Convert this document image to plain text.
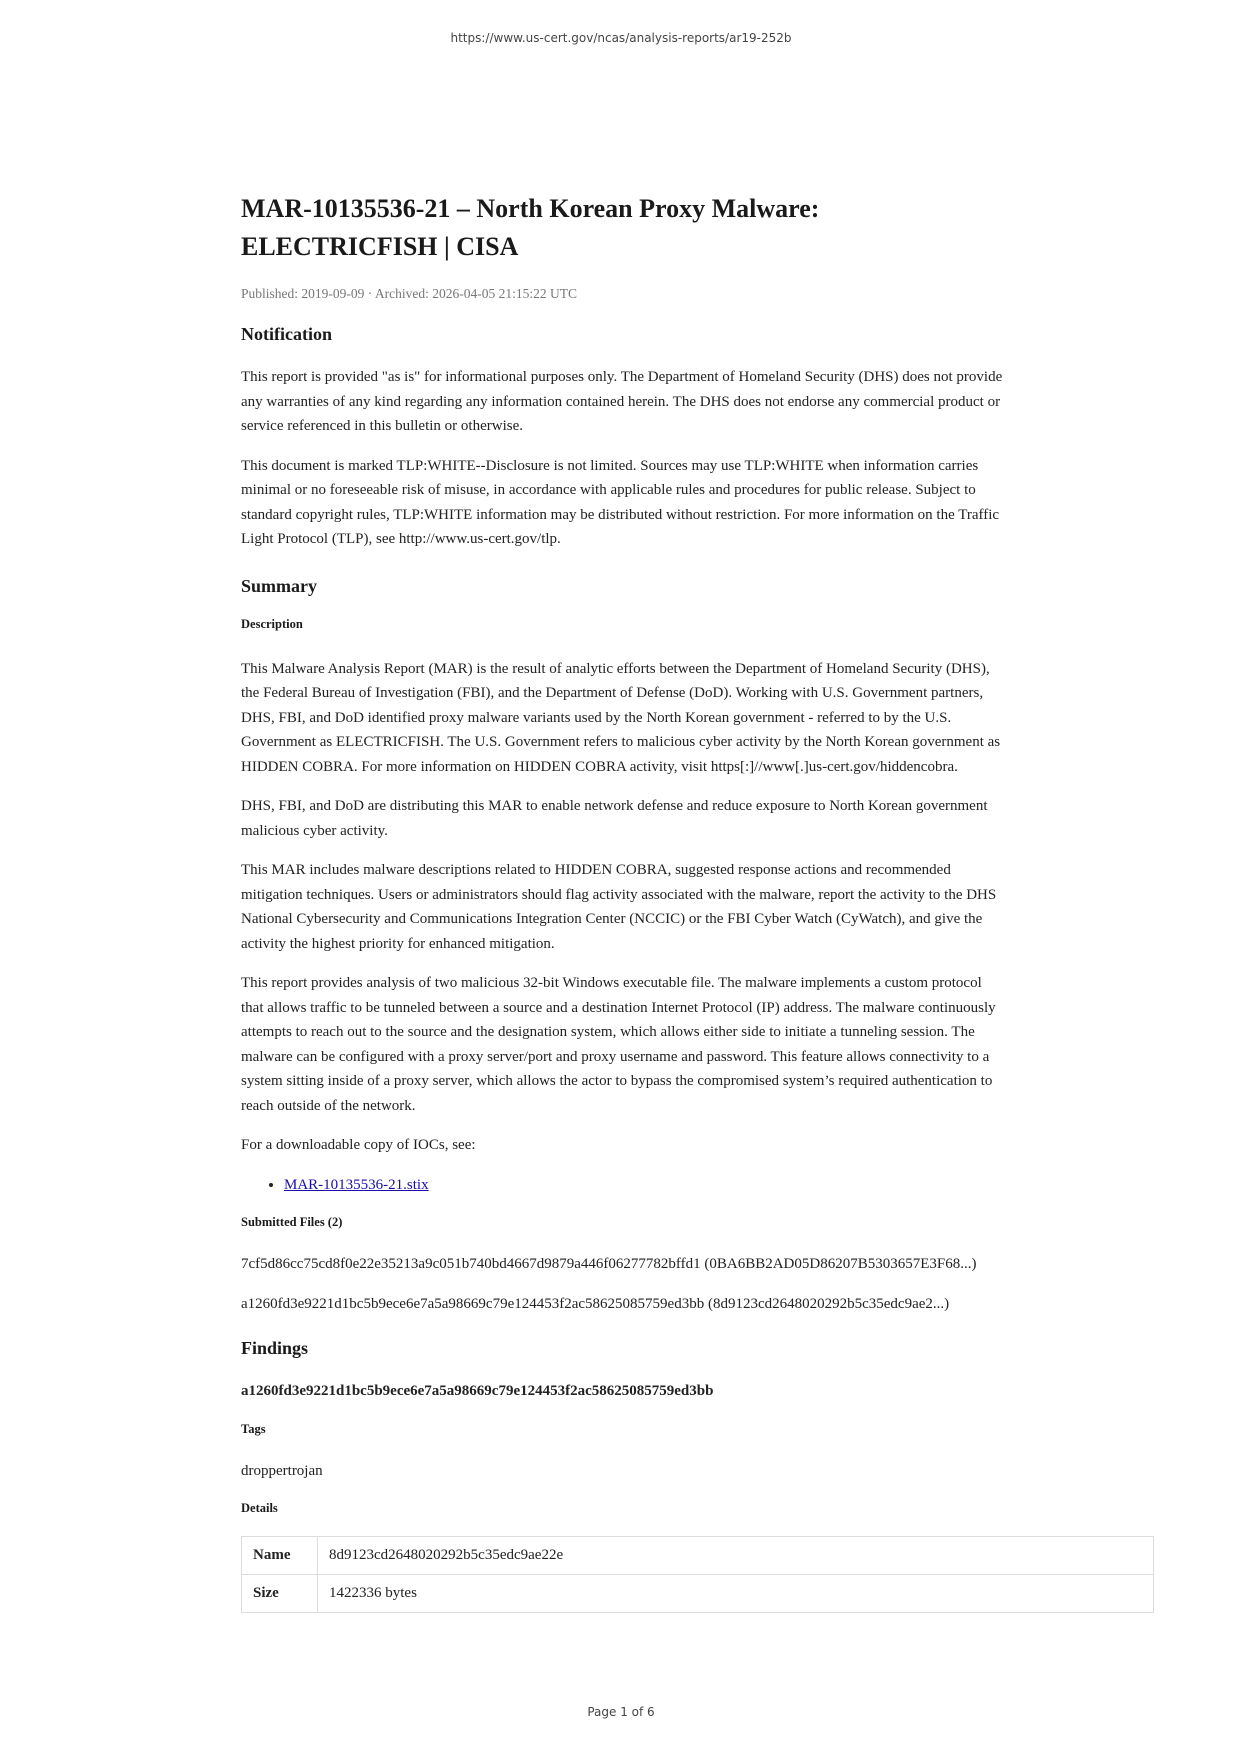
https://www.us-cert.gov/ncas/analysis-reports/ar19-252b
MAR-10135536-21 – North Korean Proxy Malware: ELECTRICFISH | CISA
Published: 2019-09-09 · Archived: 2026-04-05 21:15:22 UTC
Notification

This report is provided "as is" for informational purposes only. The Department of Homeland Security (DHS) does not provide any warranties of any kind regarding any information contained herein. The DHS does not endorse any commercial product or service referenced in this bulletin or otherwise.

This document is marked TLP:WHITE--Disclosure is not limited. Sources may use TLP:WHITE when information carries minimal or no foreseeable risk of misuse, in accordance with applicable rules and procedures for public release. Subject to standard copyright rules, TLP:WHITE information may be distributed without restriction. For more information on the Traffic Light Protocol (TLP), see http://www.us-cert.gov/tlp.

Summary
Description

This Malware Analysis Report (MAR) is the result of analytic efforts between the Department of Homeland Security (DHS), the Federal Bureau of Investigation (FBI), and the Department of Defense (DoD). Working with U.S. Government partners, DHS, FBI, and DoD identified proxy malware variants used by the North Korean government - referred to by the U.S. Government as ELECTRICFISH. The U.S. Government refers to malicious cyber activity by the North Korean government as HIDDEN COBRA. For more information on HIDDEN COBRA activity, visit https[:]//www[.]us-cert.gov/hiddencobra.

DHS, FBI, and DoD are distributing this MAR to enable network defense and reduce exposure to North Korean government malicious cyber activity.

This MAR includes malware descriptions related to HIDDEN COBRA, suggested response actions and recommended mitigation techniques. Users or administrators should flag activity associated with the malware, report the activity to the DHS National Cybersecurity and Communications Integration Center (NCCIC) or the FBI Cyber Watch (CyWatch), and give the activity the highest priority for enhanced mitigation.

This report provides analysis of two malicious 32-bit Windows executable file. The malware implements a custom protocol that allows traffic to be tunneled between a source and a destination Internet Protocol (IP) address. The malware continuously attempts to reach out to the source and the designation system, which allows either side to initiate a tunneling session. The malware can be configured with a proxy server/port and proxy username and password. This feature allows connectivity to a system sitting inside of a proxy server, which allows the actor to bypass the compromised system’s required authentication to reach outside of the network.

For a downloadable copy of IOCs, see:

• MAR-10135536-21.stix
Submitted Files (2)
7cf5d86cc75cd8f0e22e35213a9c051b740bd4667d9879a446f06277782bffd1 (0BA6BB2AD05D86207B5303657E3F68...)
a1260fd3e9221d1bc5b9ece6e7a5a98669c79e124453f2ac58625085759ed3bb (8d9123cd2648020292b5c35edc9ae2...)
Findings
a1260fd3e9221d1bc5b9ece6e7a5a98669c79e124453f2ac58625085759ed3bb
Tags

droppertrojan

Details
Name	8d9123cd2648020292b5c35edc9ae22e
Size	1422336 bytes
Page 1 of 6
